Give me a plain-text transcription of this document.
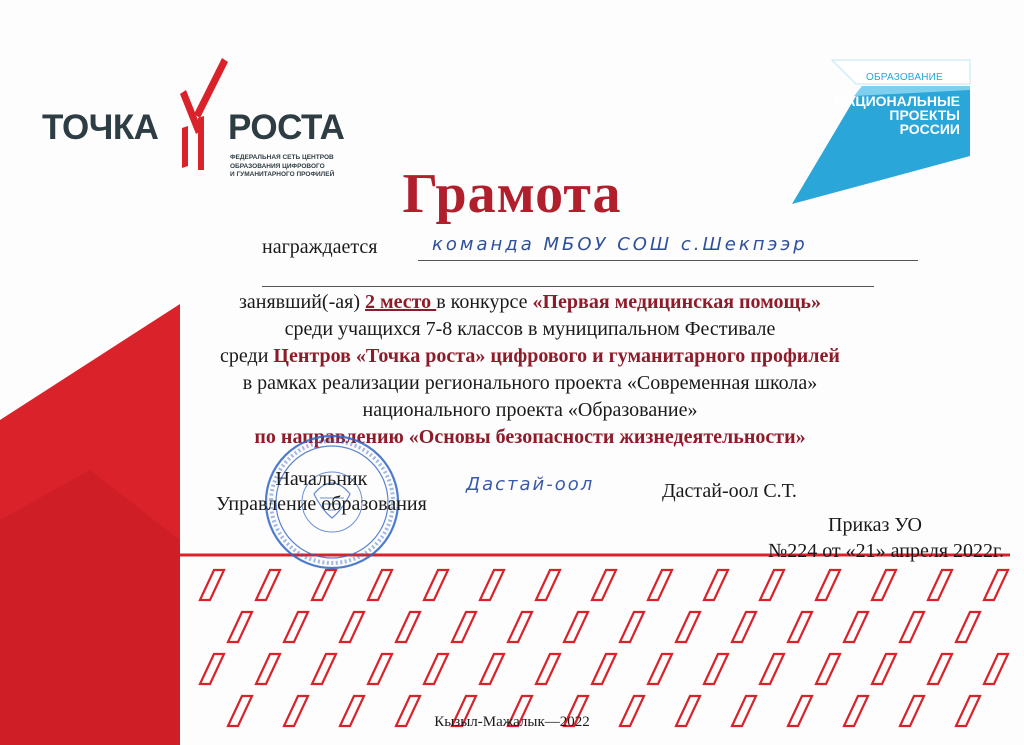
ТОЧКА РОСТА
ФЕДЕРАЛЬНАЯ СЕТЬ ЦЕНТРОВ
ОБРАЗОВАНИЯ ЦИФРОВОГО
И ГУМАНИТАРНОГО ПРОФИЛЕЙ
ОБРАЗОВАНИЕ
НАЦИОНАЛЬНЫЕ
ПРОЕКТЫ
РОССИИ
Грамота
награждается	команда МБОУ СОШ с.Шекпээр
занявший(-ая) 2 место в конкурсе «Первая медицинская помощь»
среди учащихся 7-8 классов в муниципальном Фестивале
среди Центров «Точка роста» цифрового и гуманитарного профилей
в рамках реализации регионального проекта «Современная школа»
национального проекта «Образование»
по направлению «Основы безопасности жизнедеятельности»
Начальник
Управление образования
Дастай-оол	Дастай-оол С.Т.
Приказ УО
№224 от «21» апреля 2022г.
Кызыл-Мажалык—2022
